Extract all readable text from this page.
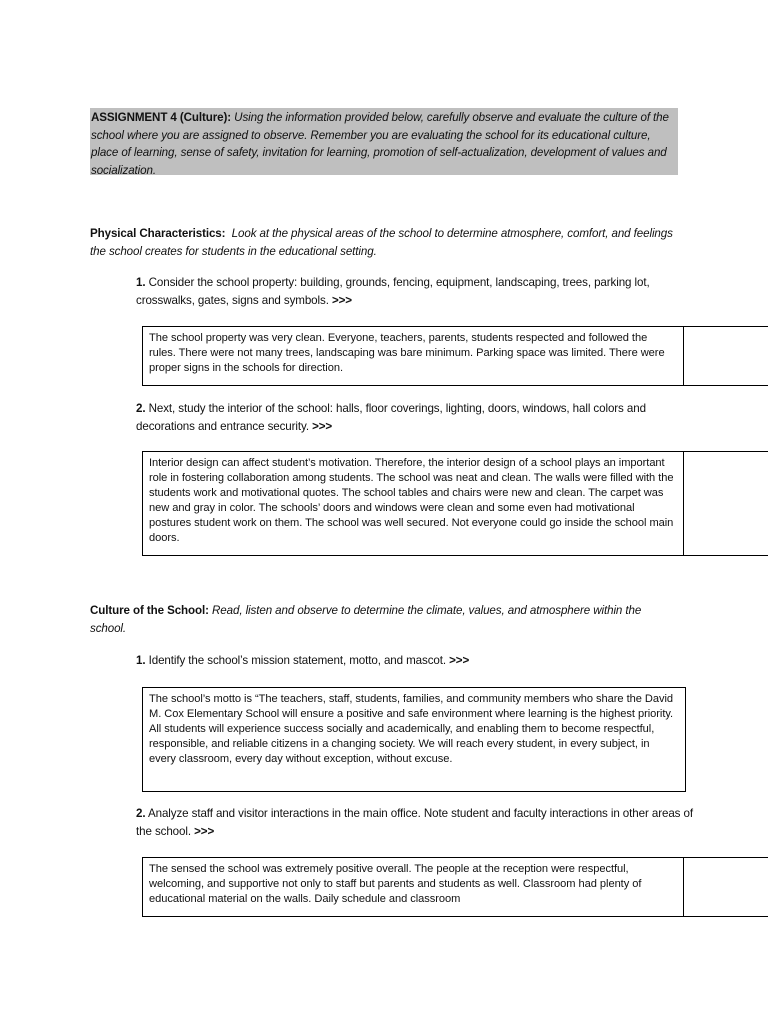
ASSIGNMENT 4 (Culture): Using the information provided below, carefully observe and evaluate the culture of the school where you are assigned to observe. Remember you are evaluating the school for its educational culture, place of learning, sense of safety, invitation for learning, promotion of self-actualization, development of values and socialization.
Physical Characteristics: Look at the physical areas of the school to determine atmosphere, comfort, and feelings the school creates for students in the educational setting.
1. Consider the school property: building, grounds, fencing, equipment, landscaping, trees, parking lot, crosswalks, gates, signs and symbols. >>>
The school property was very clean. Everyone, teachers, parents, students respected and followed the rules. There were not many trees, landscaping was bare minimum. Parking space was limited. There were proper signs in the schools for direction.
2. Next, study the interior of the school: halls, floor coverings, lighting, doors, windows, hall colors and decorations and entrance security. >>>
Interior design can affect student’s motivation. Therefore, the interior design of a school plays an important role in fostering collaboration among students. The school was neat and clean. The walls were filled with the students work and motivational quotes. The school tables and chairs were new and clean. The carpet was new and gray in color. The schools’ doors and windows were clean and some even had motivational postures student work on them. The school was well secured. Not everyone could go inside the school main doors.
Culture of the School: Read, listen and observe to determine the climate, values, and atmosphere within the school.
1. Identify the school’s mission statement, motto, and mascot. >>>
The school’s motto is “The teachers, staff, students, families, and community members who share the David M. Cox Elementary School will ensure a positive and safe environment where learning is the highest priority. All students will experience success socially and academically, and enabling them to become respectful, responsible, and reliable citizens in a changing society. We will reach every student, in every subject, in every classroom, every day without exception, without excuse.
2. Analyze staff and visitor interactions in the main office. Note student and faculty interactions in other areas of the school. >>>
The sensed the school was extremely positive overall. The people at the reception were respectful, welcoming, and supportive not only to staff but parents and students as well. Classroom had plenty of educational material on the walls. Daily schedule and classroom
